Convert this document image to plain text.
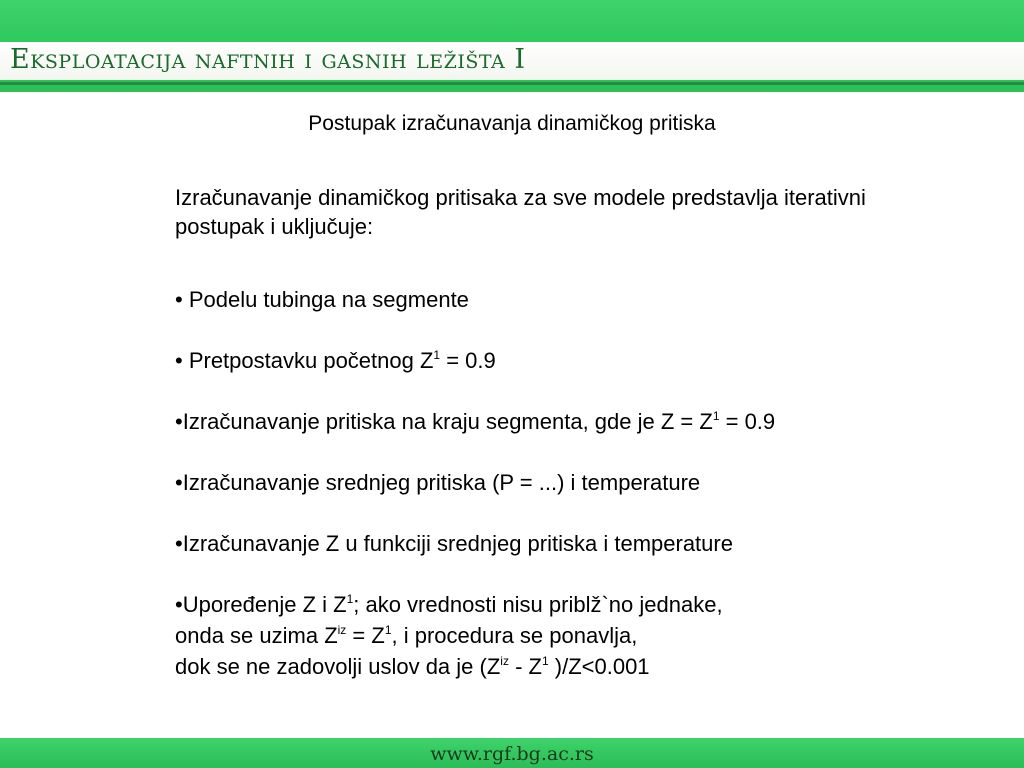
Eksploatacija naftnih i gasnih ležišta I
Postupak izračunavanja dinamičkog pritiska
Izračunavanje dinamičkog pritisaka za sve modele predstavlja iterativni postupak i uključuje:
• Podelu tubinga na segmente
• Pretpostavku početnog $Z^1 = 0.9$
•Izračunavanje pritiska na kraju segmenta, gde je $Z = Z^1 = 0.9$
•Izračunavanje srednjeg pritiska (P = ...) i temperature
•Izračunavanje Z u funkciji srednjeg pritiska i temperature
•Upoređenje Z i $Z^1$; ako vrednosti nisu priblž`no jednake,
onda se uzima $Z^{iz} = Z^1$, i procedura se ponavlja,
dok se ne zadovolji uslov da je ($Z^{iz} - Z^1$ )/Z<0.001
www.rgf.bg.ac.rs
